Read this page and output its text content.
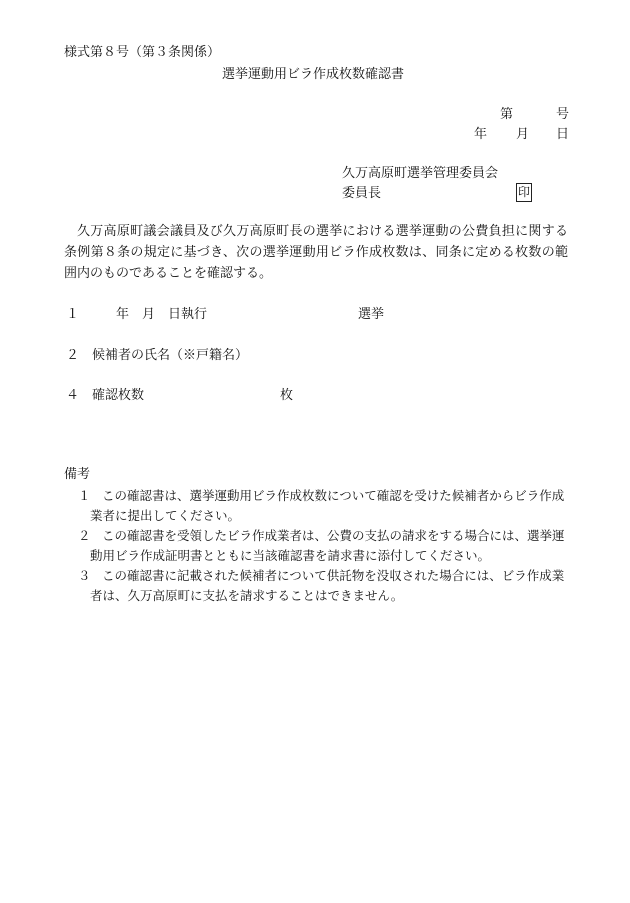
様式第８号（第３条関係）
選挙運動用ビラ作成枚数確認書
第	号
年 月 日
久万高原町選挙管理委員会
委員長	印
久万高原町議会議員及び久万高原町長の選挙における選挙運動の公費負担に関する条例第８条の規定に基づき、次の選挙運動用ビラ作成枚数は、同条に定める枚数の範囲内のものであることを確認する。
１	年　月　日執行	選挙
２　 候補者の氏名（※戸籍名）
４　 確認枚数	枚
備考
１ この確認書は、選挙運動用ビラ作成枚数について確認を受けた候補者からビラ作成業者に提出してください。
２ この確認書を受領したビラ作成業者は、公費の支払の請求をする場合には、選挙運動用ビラ作成証明書とともに当該確認書を請求書に添付してください。
３ この確認書に記載された候補者について供託物を没収された場合には、ビラ作成業者は、久万高原町に支払を請求することはできません。
